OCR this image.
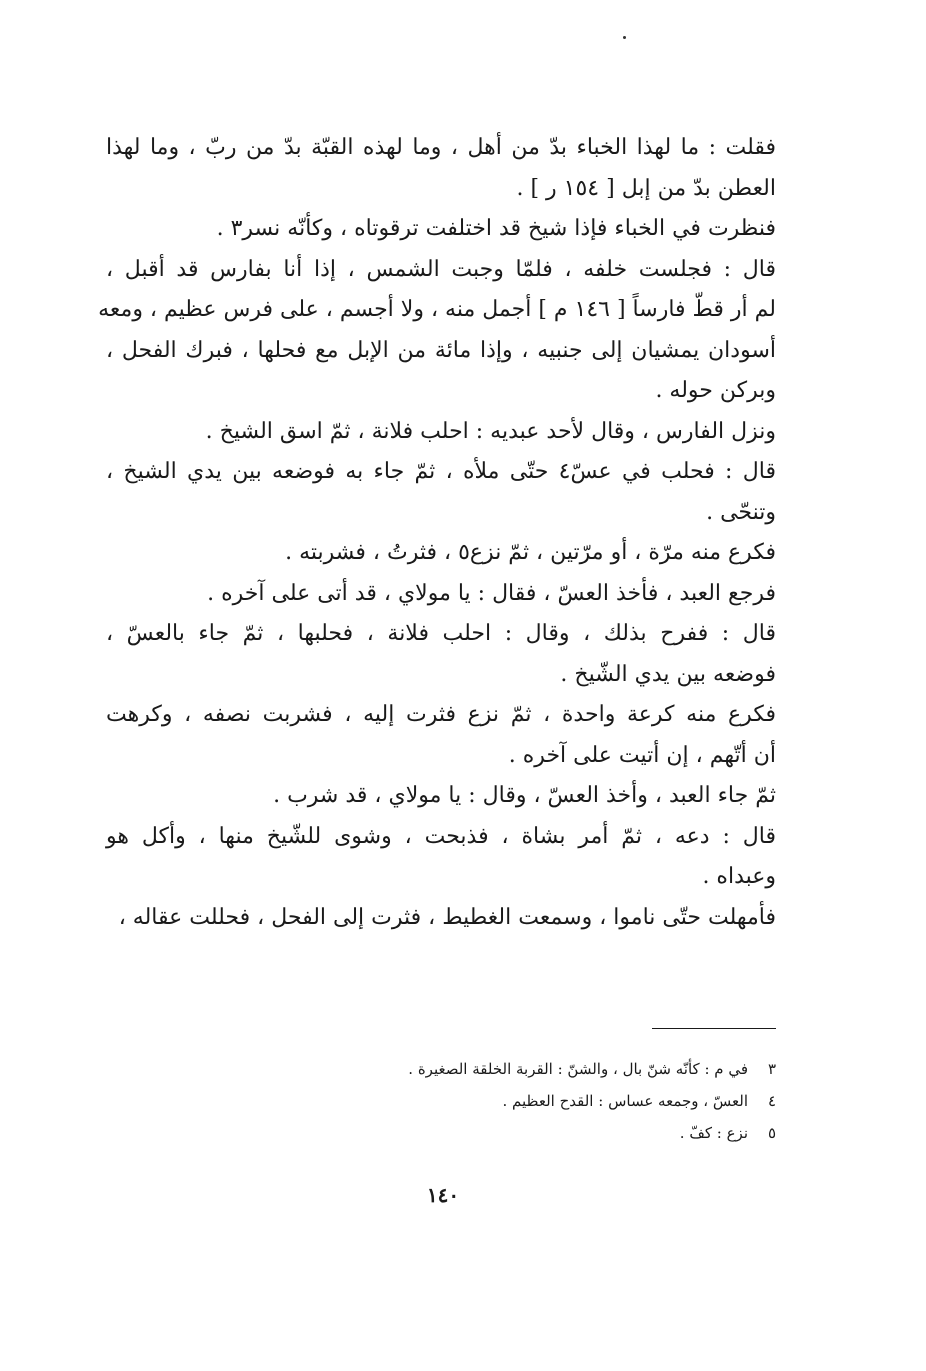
فقلت : ما لهذا الخباء بدّ من أهل ، وما لهذه القبّة بدّ من ربّ ، وما لهذا
العطن بدّ من إبل [ ١٥٤ ر ] .
فنظرت في الخباء فإذا شيخ قد اختلفت ترقوتاه ، وكأنّه نسر٣ .
قال : فجلست خلفه ، فلمّا وجبت الشمس ، إذا أنا بفارس قد أقبل ،
لم أر قطّ فارساً [ ١٤٦ م ] أجمل منه ، ولا أجسم ، على فرس عظيم ، ومعه
أسودان يمشيان إلى جنبيه ، وإذا مائة من الإبل مع فحلها ، فبرك الفحل ،
وبركن حوله .
ونزل الفارس ، وقال لأحد عبديه : احلب فلانة ، ثمّ اسق الشيخ .
قال : فحلب في عسّ٤ حتّى ملأه ، ثمّ جاء به فوضعه بين يدي الشيخ ،
وتنحّى .
فكرع منه مرّة ، أو مرّتين ، ثمّ نزع٥ ، فثرتُ ، فشربته .
فرجع العبد ، فأخذ العسّ ، فقال : يا مولاي ، قد أتى على آخره .
قال : ففرح بذلك ، وقال : احلب فلانة ، فحلبها ، ثمّ جاء بالعسّ ،
فوضعه بين يدي الشّيخ .
فكرع منه كرعة واحدة ، ثمّ نزع فثرت إليه ، فشربت نصفه ، وكرهت
أن أتّهم ، إن أتيت على آخره .
ثمّ جاء العبد ، وأخذ العسّ ، وقال : يا مولاي ، قد شرب .
قال : دعه ، ثمّ أمر بشاة ، فذبحت ، وشوى للشّيخ منها ، وأكل هو
وعبداه .
فأمهلت حتّى ناموا ، وسمعت الغطيط ، فثرت إلى الفحل ، فحللت عقاله ،
٣في م : كأنّه شنّ بال ، والشنّ : القربة الخلقة الصغيرة .
٤العسّ ، وجمعه عساس : القدح العظيم .
٥نزع : كفّ .
١٤٠
